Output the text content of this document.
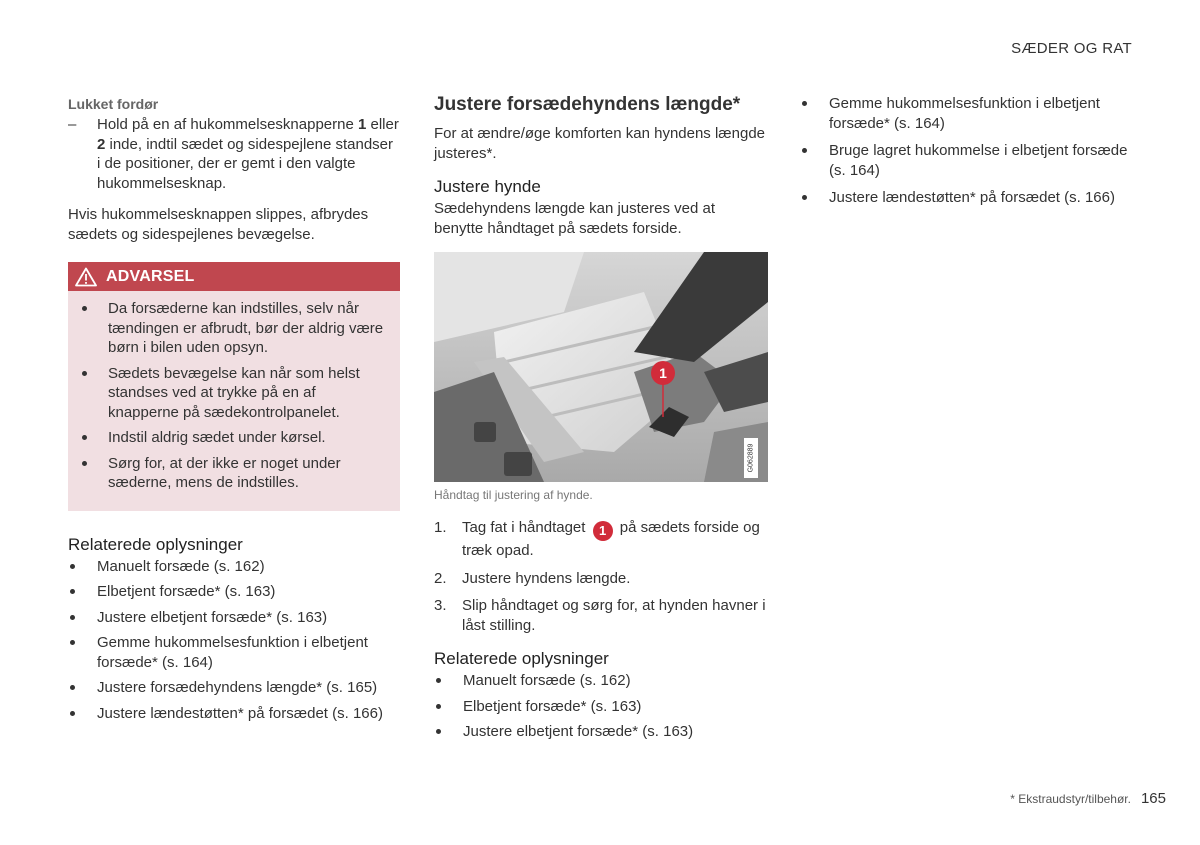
SÆDER OG RAT
Lukket fordør

– Hold på en af hukommelsesknapperne 1 eller 2 inde, indtil sædet og sidespejlene standser i de positioner, der er gemt i den valgte hukommelsesknap.

Hvis hukommelsesknappen slippes, afbrydes sædets og sidespejlenes bevægelse.

ADVARSEL
Da forsæderne kan indstilles, selv når tændingen er afbrudt, bør der aldrig være børn i bilen uden opsyn.
Sædets bevægelse kan når som helst standses ved at trykke på en af knapperne på sædekontrolpanelet.
Indstil aldrig sædet under kørsel.
Sørg for, at der ikke er noget under sæderne, mens de indstilles.
Relaterede oplysninger
Manuelt forsæde (s. 162)
Elbetjent forsæde* (s. 163)
Justere elbetjent forsæde* (s. 163)
Gemme hukommelsesfunktion i elbetjent forsæde* (s. 164)
Justere forsædehyndens længde* (s. 165)
Justere lændestøtten* på forsædet (s. 166)
Justere forsædehyndens længde*

For at ændre/øge komforten kan hyndens længde justeres*.

Justere hynde

Sædehyndens længde kan justeres ved at benytte håndtaget på sædets forside.

1
G062889
Håndtag til justering af hynde.
1. Tag fat i håndtaget 1 på sædets forside og træk opad.
2. Justere hyndens længde.
3. Slip håndtaget og sørg for, at hynden havner i låst stilling.
Relaterede oplysninger
Manuelt forsæde (s. 162)
Elbetjent forsæde* (s. 163)
Justere elbetjent forsæde* (s. 163)
Gemme hukommelsesfunktion i elbetjent forsæde* (s. 164)
Bruge lagret hukommelse i elbetjent forsæde (s. 164)
Justere lændestøtten* på forsædet (s. 166)
* Ekstraudstyr/tilbehør. 165
